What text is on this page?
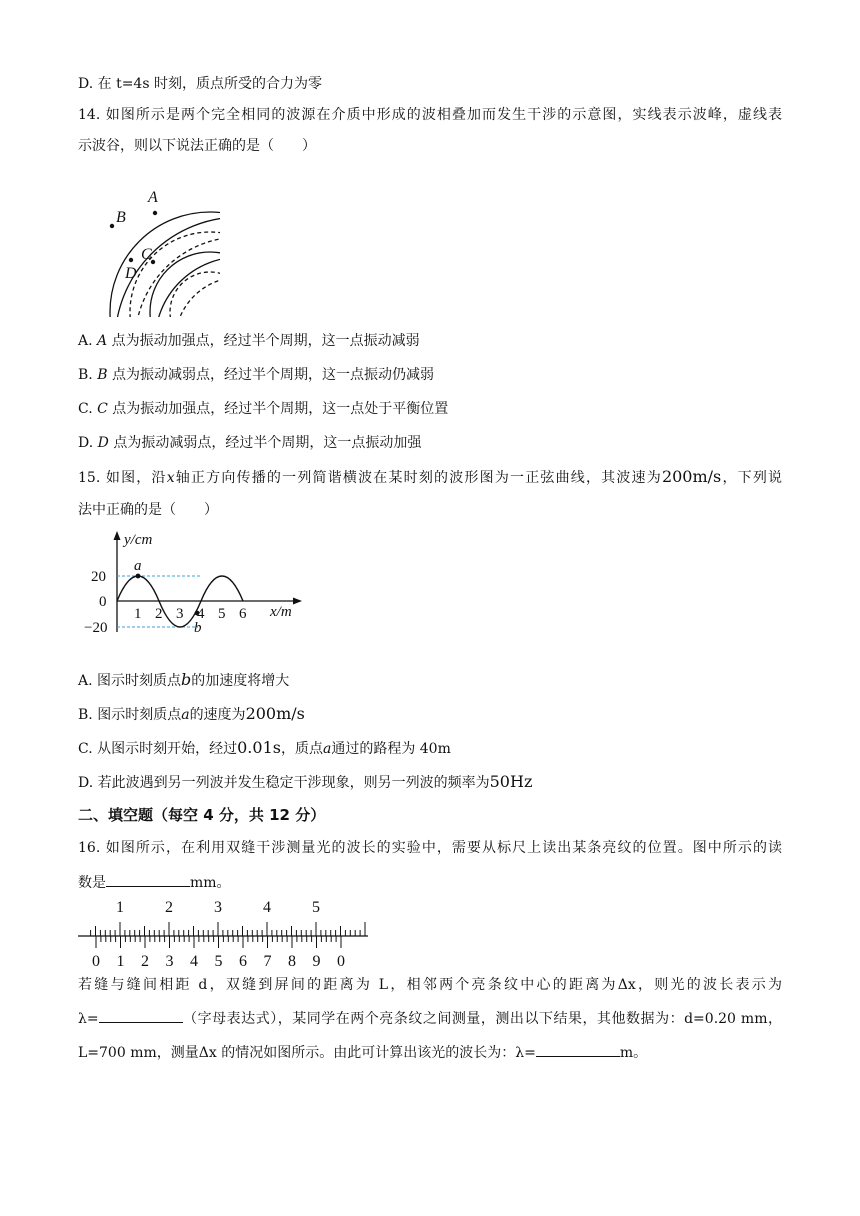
D. 在 t=4s 时刻，质点所受的合力为零
14. 如图所示是两个完全相同的波源在介质中形成的波相叠加而发生干涉的示意图，实线表示波峰，虚线表
示波谷，则以下说法正确的是（　　）
A
B
C
D
A. A 点为振动加强点，经过半个周期，这一点振动减弱
B. B 点为振动减弱点，经过半个周期，这一点振动仍减弱
C. C 点为振动加强点，经过半个周期，这一点处于平衡位置
D. D 点为振动减弱点，经过半个周期，这一点振动加强
15. 如图，沿x轴正方向传播的一列简谐横波在某时刻的波形图为一正弦曲线，其波速为200m/s，下列说
法中正确的是（　　）
y/cm
x/m
20
0
−20
1 2 3 4 5 6
a
b
A. 图示时刻质点b的加速度将增大
B. 图示时刻质点a的速度为200m/s
C. 从图示时刻开始，经过0.01s，质点a通过的路程为 40m
D. 若此波遇到另一列波并发生稳定干涉现象，则另一列波的频率为50Hz
二、填空题（每空 4 分，共 12 分）
16. 如图所示，在利用双缝干涉测量光的波长的实验中，需要从标尺上读出某条亮纹的位置。图中所示的读
数是	mm。
1	2	3	4	5
0 1 2 3 4 5 6 7 8 9 0
若缝与缝间相距 d，双缝到屏间的距离为 L，相邻两个亮条纹中心的距离为Δx，则光的波长表示为
λ=	（字母表达式），某同学在两个亮条纹之间测量，测出以下结果，其他数据为：d=0.20 mm，
L=700 mm，测量Δx 的情况如图所示。由此可计算出该光的波长为：λ=	m。
